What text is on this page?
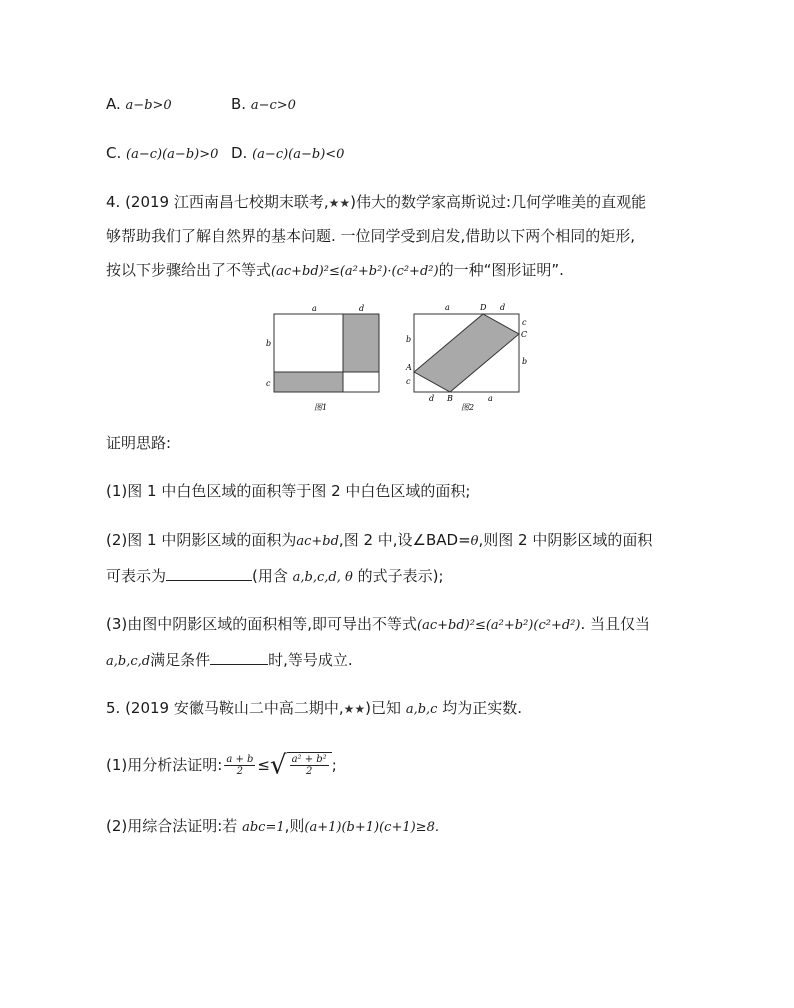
A. a−b>0	B. a−c>0
C. (a−c)(a−b)>0 D. (a−c)(a−b)<0
4. (2019 江西南昌七校期末联考,★★)伟大的数学家高斯说过:几何学唯美的直观能
够帮助我们了解自然界的基本问题. 一位同学受到启发,借助以下两个相同的矩形,
按以下步骤给出了不等式(ac+bd)²≤(a²+b²)·(c²+d²)的一种“图形证明”.
a	d
b
c
图1
D
a	d
c
C
b
b
A
c
d B	a
图2
证明思路:
(1)图 1 中白色区域的面积等于图 2 中白色区域的面积;
(2)图 1 中阴影区域的面积为ac+bd,图 2 中,设∠BAD=θ,则图 2 中阴影区域的面积
可表示为	(用含 a,b,c,d, θ 的式子表示);
(3)由图中阴影区域的面积相等,即可导出不等式(ac+bd)²≤(a²+b²)(c²+d²). 当且仅当
a,b,c,d满足条件	时,等号成立.
5. (2019 安徽马鞍山二中高二期中,★★)已知 a,b,c 均为正实数.
(1)用分析法证明: $\frac{a + b}{2}$ ≤√ $\frac{\text{a² + b²}}{2}$ ;
(2)用综合法证明:若 abc=1,则(a+1)(b+1)(c+1)≥8.
